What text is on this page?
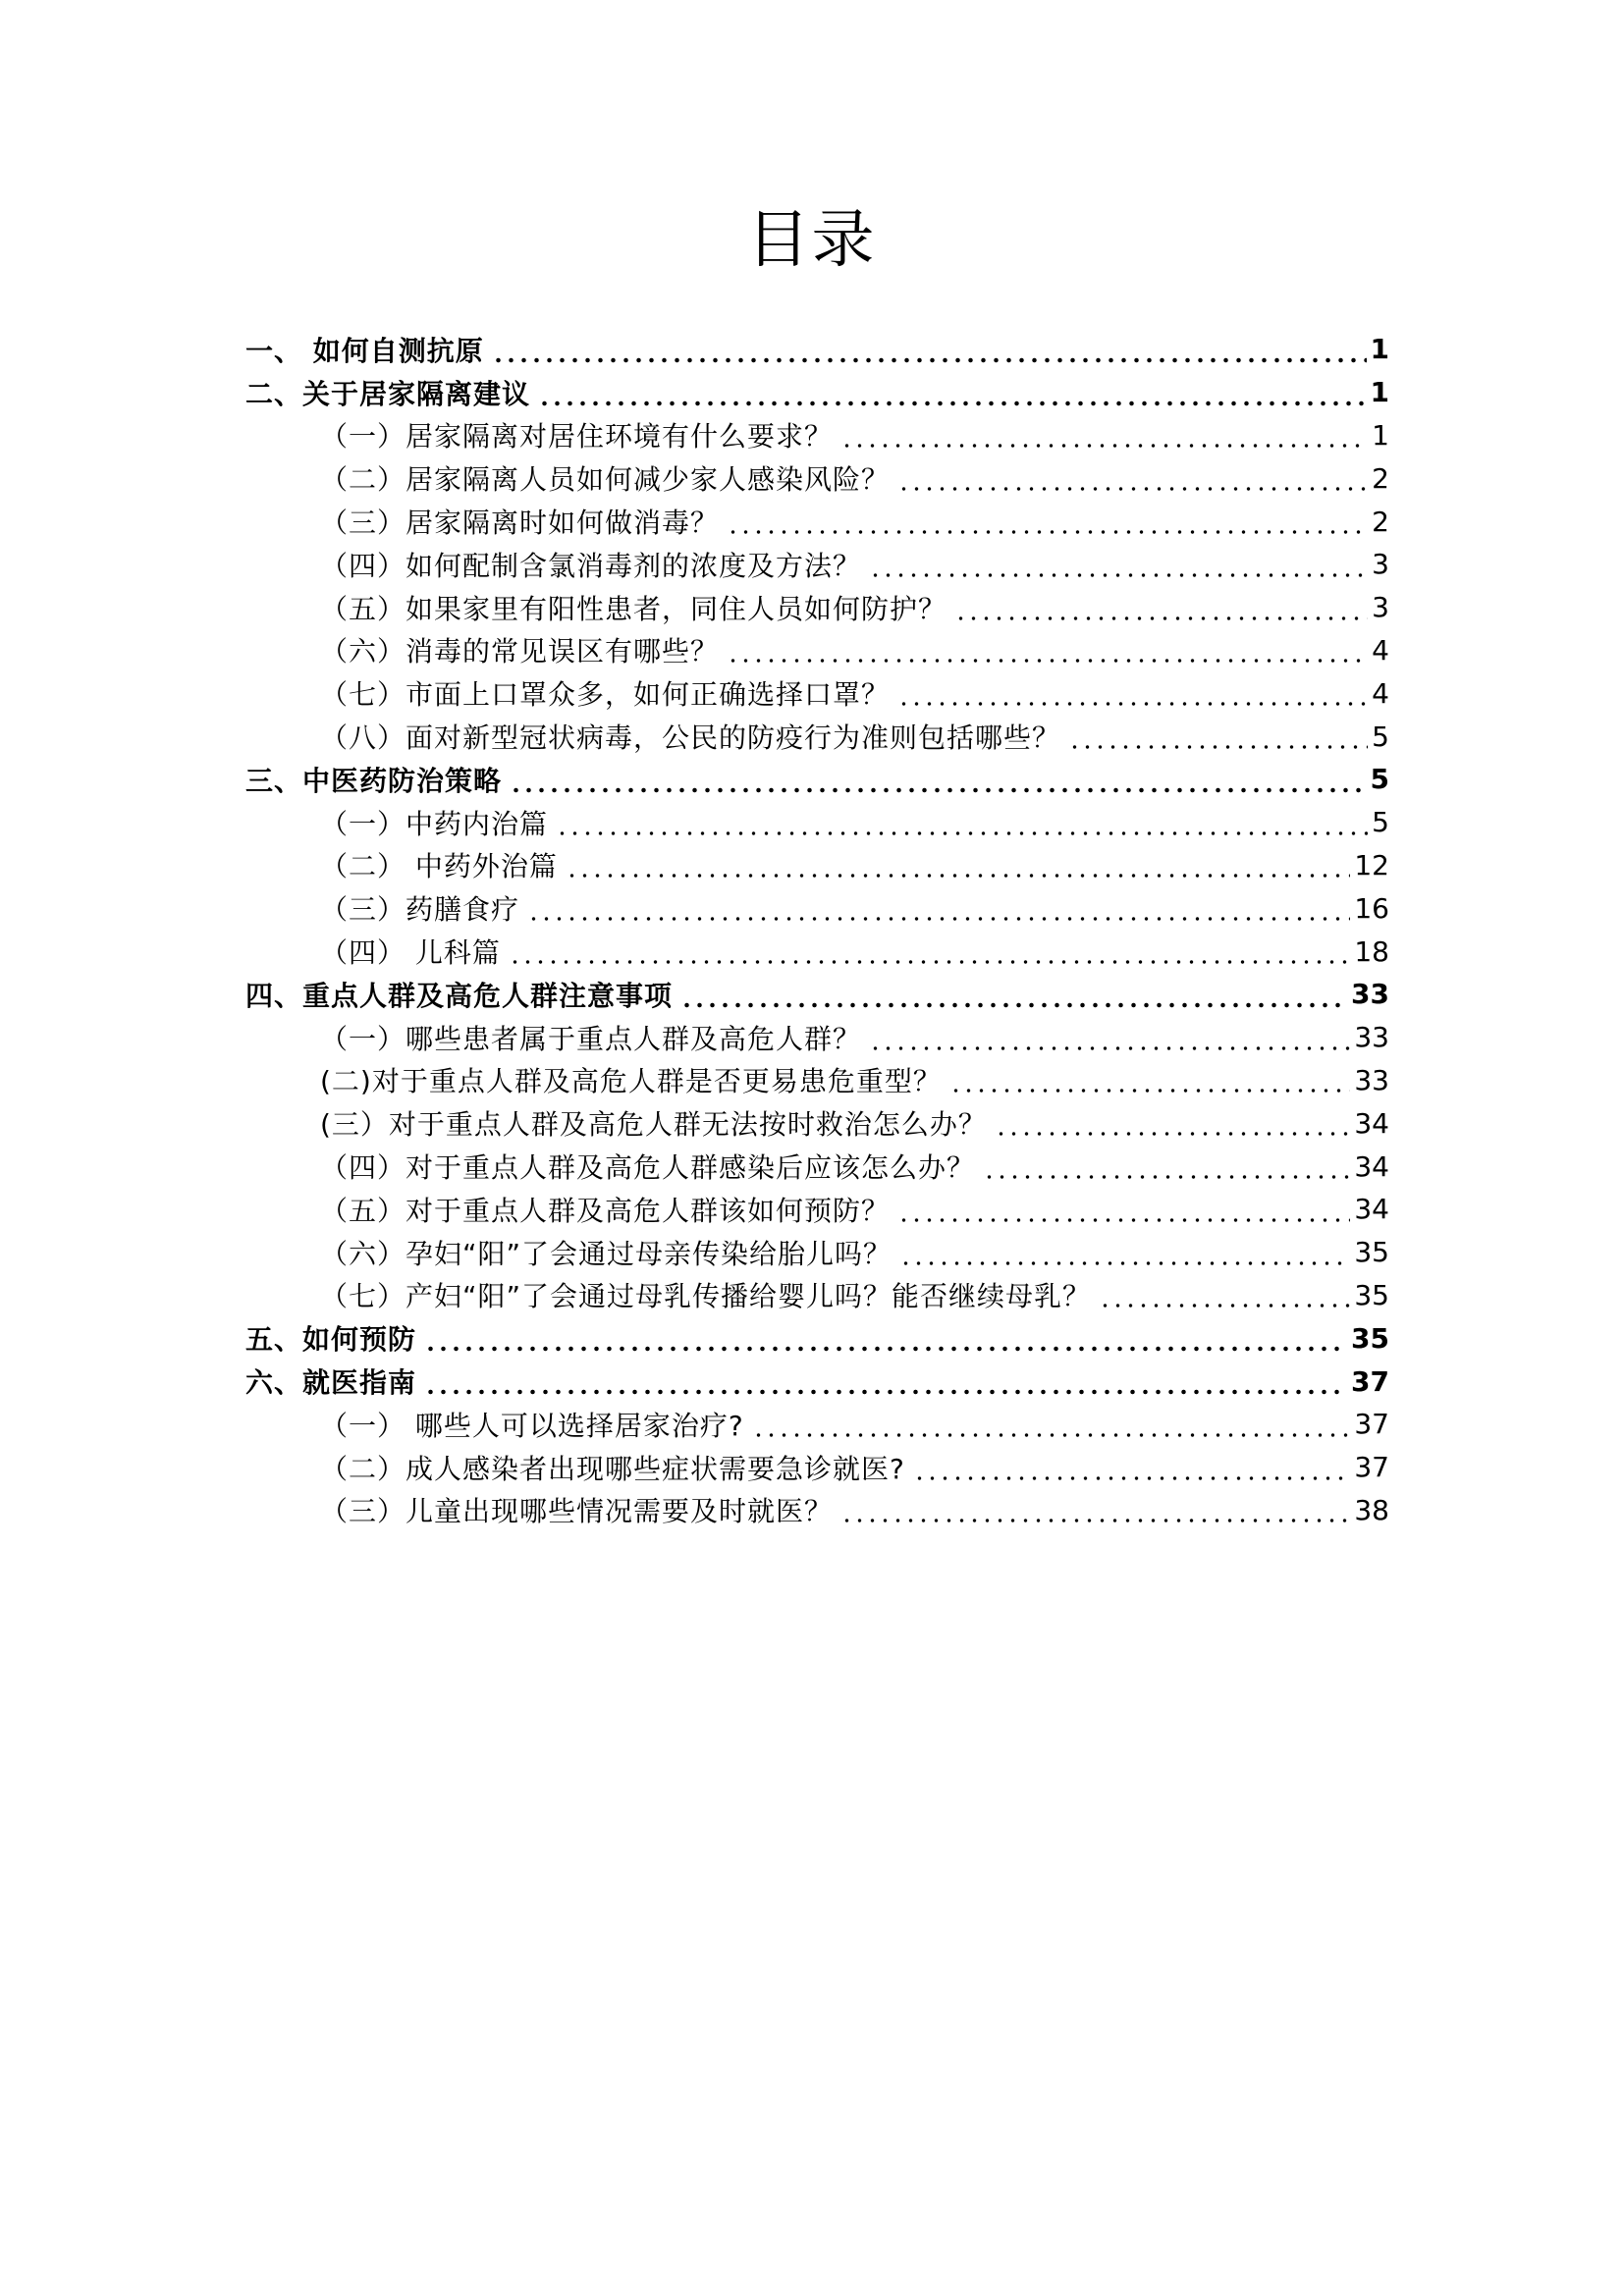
目录
一、 如何自测抗原	1
二、关于居家隔离建议	1
（一）居家隔离对居住环境有什么要求？	1
（二）居家隔离人员如何减少家人感染风险？	2
（三）居家隔离时如何做消毒？	2
（四）如何配制含氯消毒剂的浓度及方法？	3
（五）如果家里有阳性患者，同住人员如何防护？	3
（六）消毒的常见误区有哪些？	4
（七）市面上口罩众多，如何正确选择口罩？	4
（八）面对新型冠状病毒，公民的防疫行为准则包括哪些？	5
三、中医药防治策略	5
（一）中药内治篇	5
（二） 中药外治篇	12
（三）药膳食疗	16
（四） 儿科篇	18
四、重点人群及高危人群注意事项	33
（一）哪些患者属于重点人群及高危人群？	33
(二)对于重点人群及高危人群是否更易患危重型？	33
(三）对于重点人群及高危人群无法按时救治怎么办？	34
（四）对于重点人群及高危人群感染后应该怎么办？	34
（五）对于重点人群及高危人群该如何预防？	34
（六）孕妇“阳”了会通过母亲传染给胎儿吗？	35
（七）产妇“阳”了会通过母乳传播给婴儿吗？能否继续母乳？	35
五、如何预防	35
六、就医指南	37
（一） 哪些人可以选择居家治疗?	37
（二）成人感染者出现哪些症状需要急诊就医?	37
（三）儿童出现哪些情况需要及时就医？	38
